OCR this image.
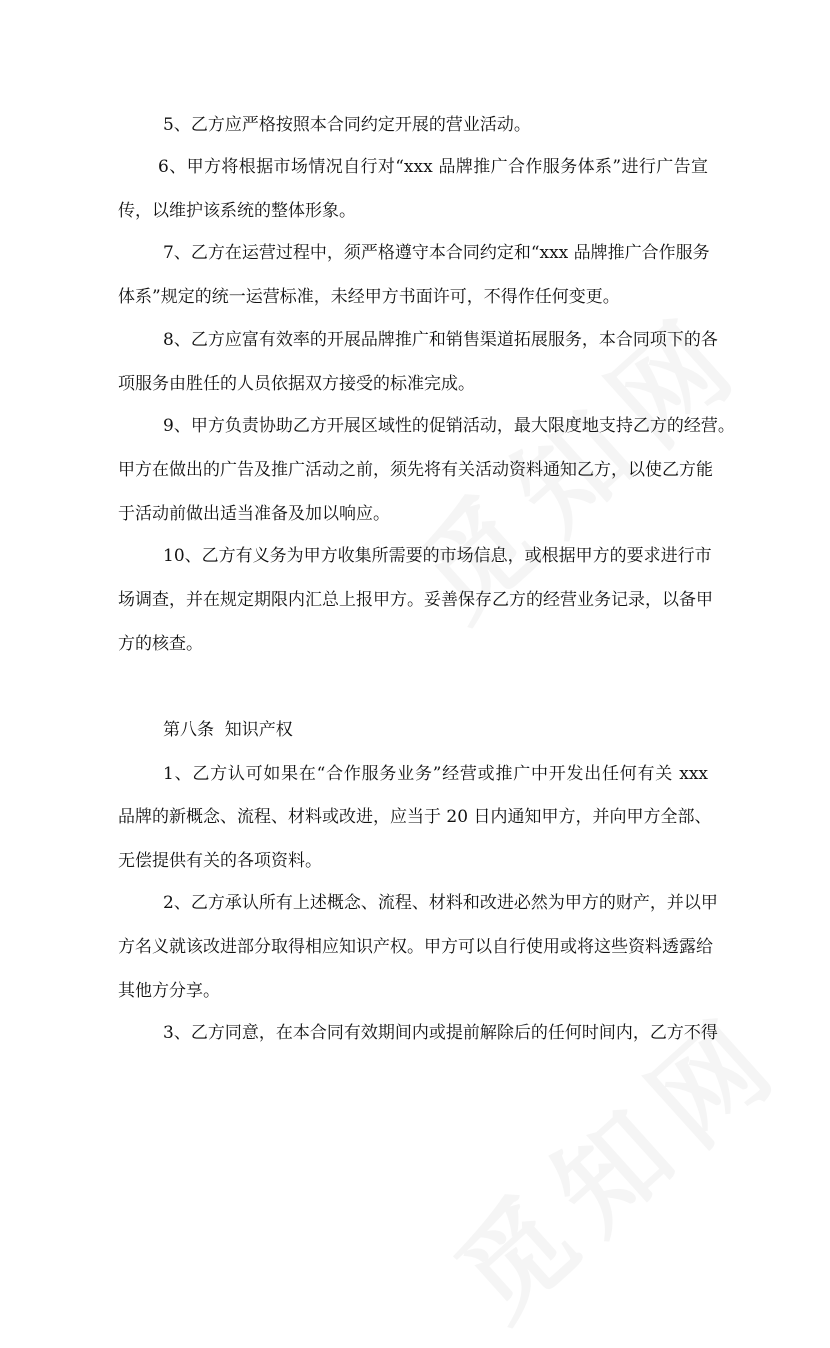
5、乙方应严格按照本合同约定开展的营业活动。
6、甲方将根据市场情况自行对“xxx 品牌推广合作服务体系”进行广告宣
传，以维护该系统的整体形象。
7、乙方在运营过程中，须严格遵守本合同约定和“xxx 品牌推广合作服务
体系”规定的统一运营标准，未经甲方书面许可，不得作任何变更。
8、乙方应富有效率的开展品牌推广和销售渠道拓展服务，本合同项下的各
项服务由胜任的人员依据双方接受的标准完成。
9、甲方负责协助乙方开展区域性的促销活动，最大限度地支持乙方的经营。
甲方在做出的广告及推广活动之前，须先将有关活动资料通知乙方，以使乙方能
于活动前做出适当准备及加以响应。
10、乙方有义务为甲方收集所需要的市场信息，或根据甲方的要求进行市
场调查，并在规定期限内汇总上报甲方。妥善保存乙方的经营业务记录，以备甲
方的核查。
第八条  知识产权
1、乙方认可如果在“合作服务业务”经营或推广中开发出任何有关 xxx
品牌的新概念、流程、材料或改进，应当于 20 日内通知甲方，并向甲方全部、
无偿提供有关的各项资料。
2、乙方承认所有上述概念、流程、材料和改进必然为甲方的财产，并以甲
方名义就该改进部分取得相应知识产权。甲方可以自行使用或将这些资料透露给
其他方分享。
3、乙方同意，在本合同有效期间内或提前解除后的任何时间内，乙方不得
